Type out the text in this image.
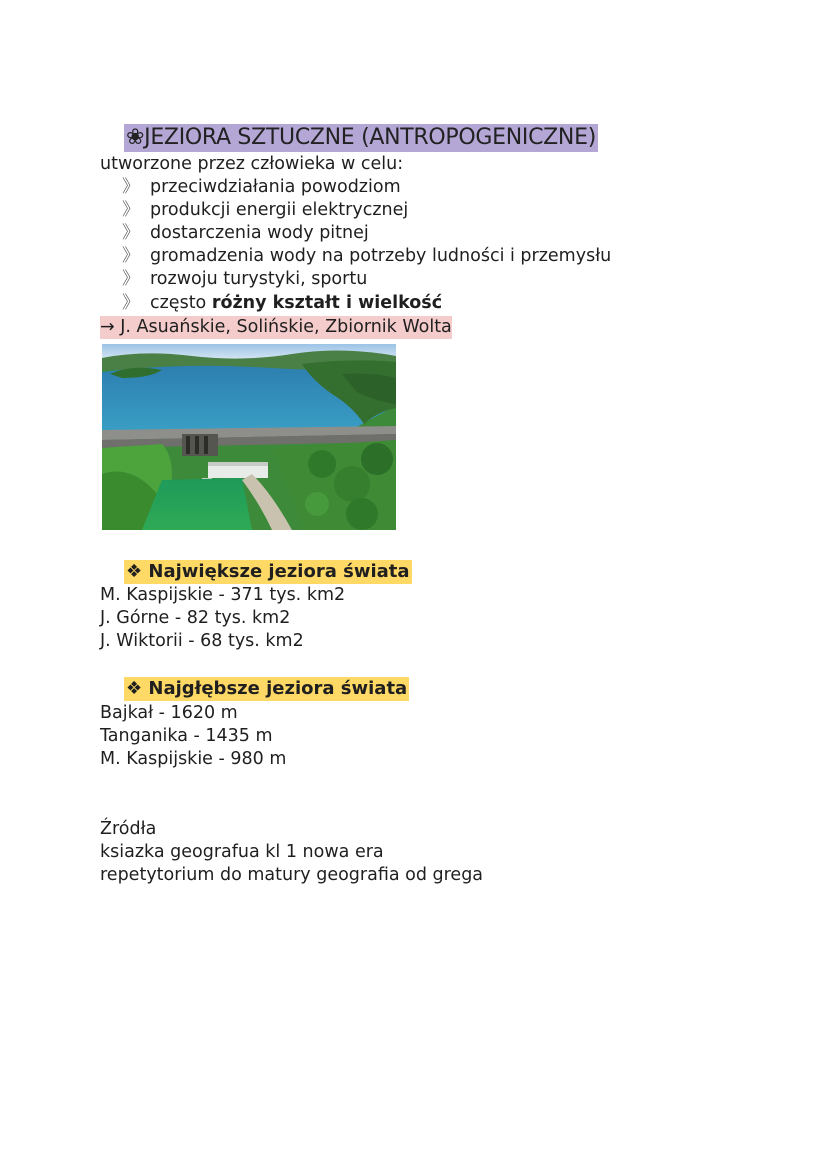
❀JEZIORA SZTUCZNE (ANTROPOGENICZNE)
utworzone przez człowieka w celu:
》 przeciwdziałania powodziom
》 produkcji energii elektrycznej
》 dostarczenia wody pitnej
》 gromadzenia wody na potrzeby ludności i przemysłu
》 rozwoju turystyki, sportu
》 często różny kształt i wielkość
→ J. Asuańskie, Solińskie, Zbiornik Wolta
❖ Największe jeziora świata
M. Kaspijskie - 371 tys. km2
J. Górne - 82 tys. km2
J. Wiktorii - 68 tys. km2
❖ Najgłębsze jeziora świata
Bajkał - 1620 m
Tanganika - 1435 m
M. Kaspijskie - 980 m
Źródła
ksiazka geografua kl 1 nowa era
repetytorium do matury geografia od grega
